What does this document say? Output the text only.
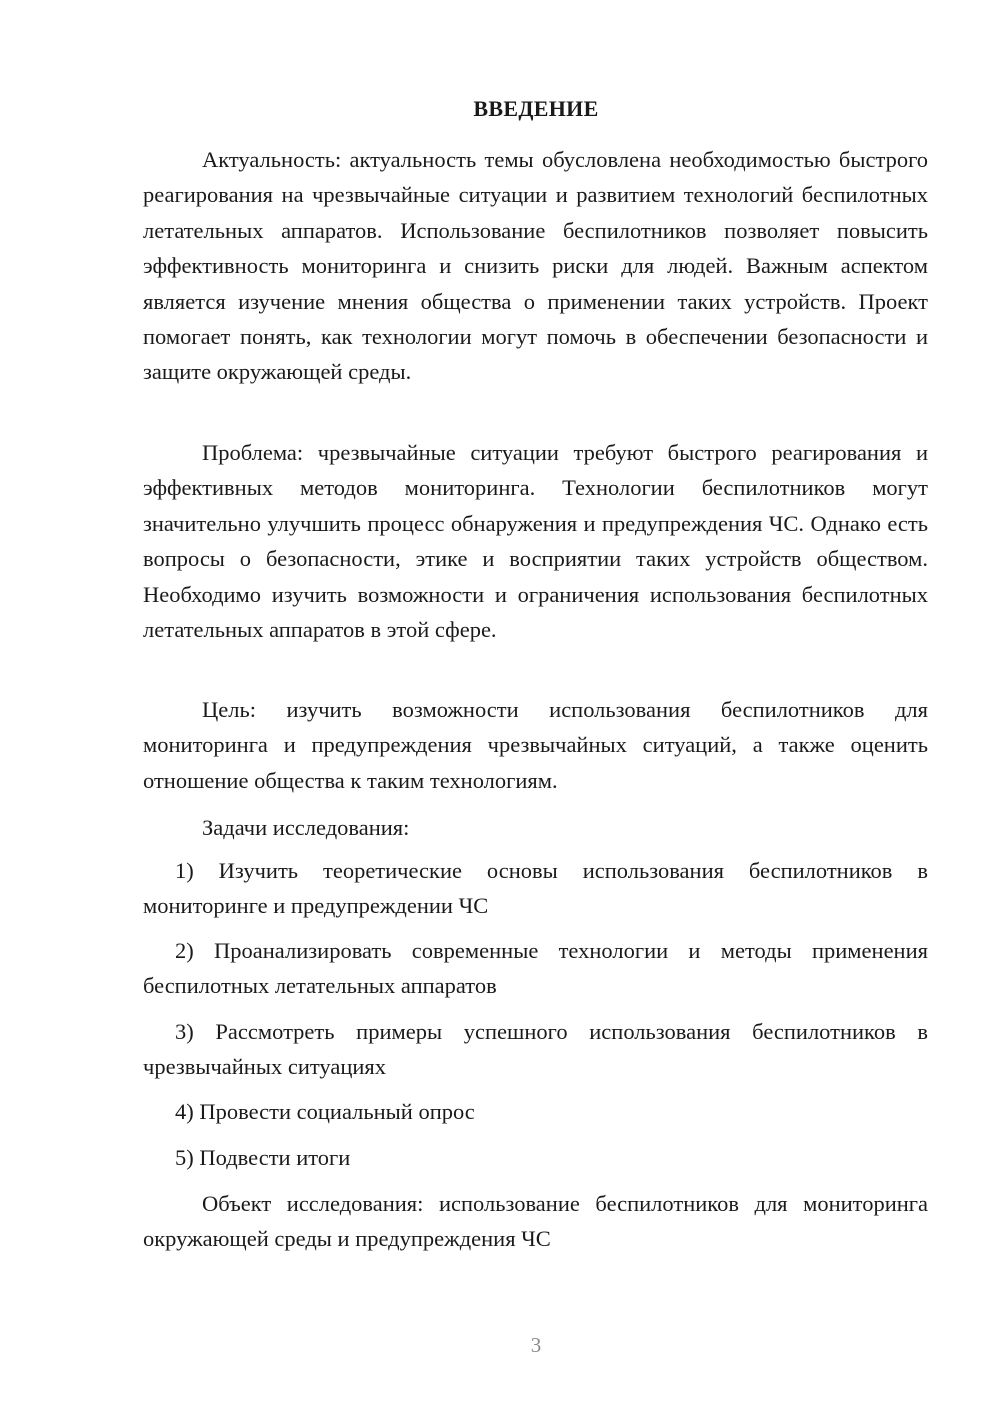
ВВЕДЕНИЕ

Актуальность: актуальность темы обусловлена необходимостью быстрого реагирования на чрезвычайные ситуации и развитием технологий беспилотных летательных аппаратов. Использование беспилотников позволяет повысить эффективность мониторинга и снизить риски для людей. Важным аспектом является изучение мнения общества о применении таких устройств. Проект помогает понять, как технологии могут помочь в обеспечении безопасности и защите окружающей среды.

Проблема: чрезвычайные ситуации требуют быстрого реагирования и эффективных методов мониторинга. Технологии беспилотников могут значительно улучшить процесс обнаружения и предупреждения ЧС. Однако есть вопросы о безопасности, этике и восприятии таких устройств обществом. Необходимо изучить возможности и ограничения использования беспилотных летательных аппаратов в этой сфере.

Цель: изучить возможности использования беспилотников для мониторинга и предупреждения чрезвычайных ситуаций, а также оценить отношение общества к таким технологиям.

Задачи исследования:

1) Изучить теоретические основы использования беспилотников в мониторинге и предупреждении ЧС

2) Проанализировать современные технологии и методы применения беспилотных летательных аппаратов

3) Рассмотреть примеры успешного использования беспилотников в чрезвычайных ситуациях

4) Провести социальный опрос

5) Подвести итоги

Объект исследования: использование беспилотников для мониторинга окружающей среды и предупреждения ЧС

3
